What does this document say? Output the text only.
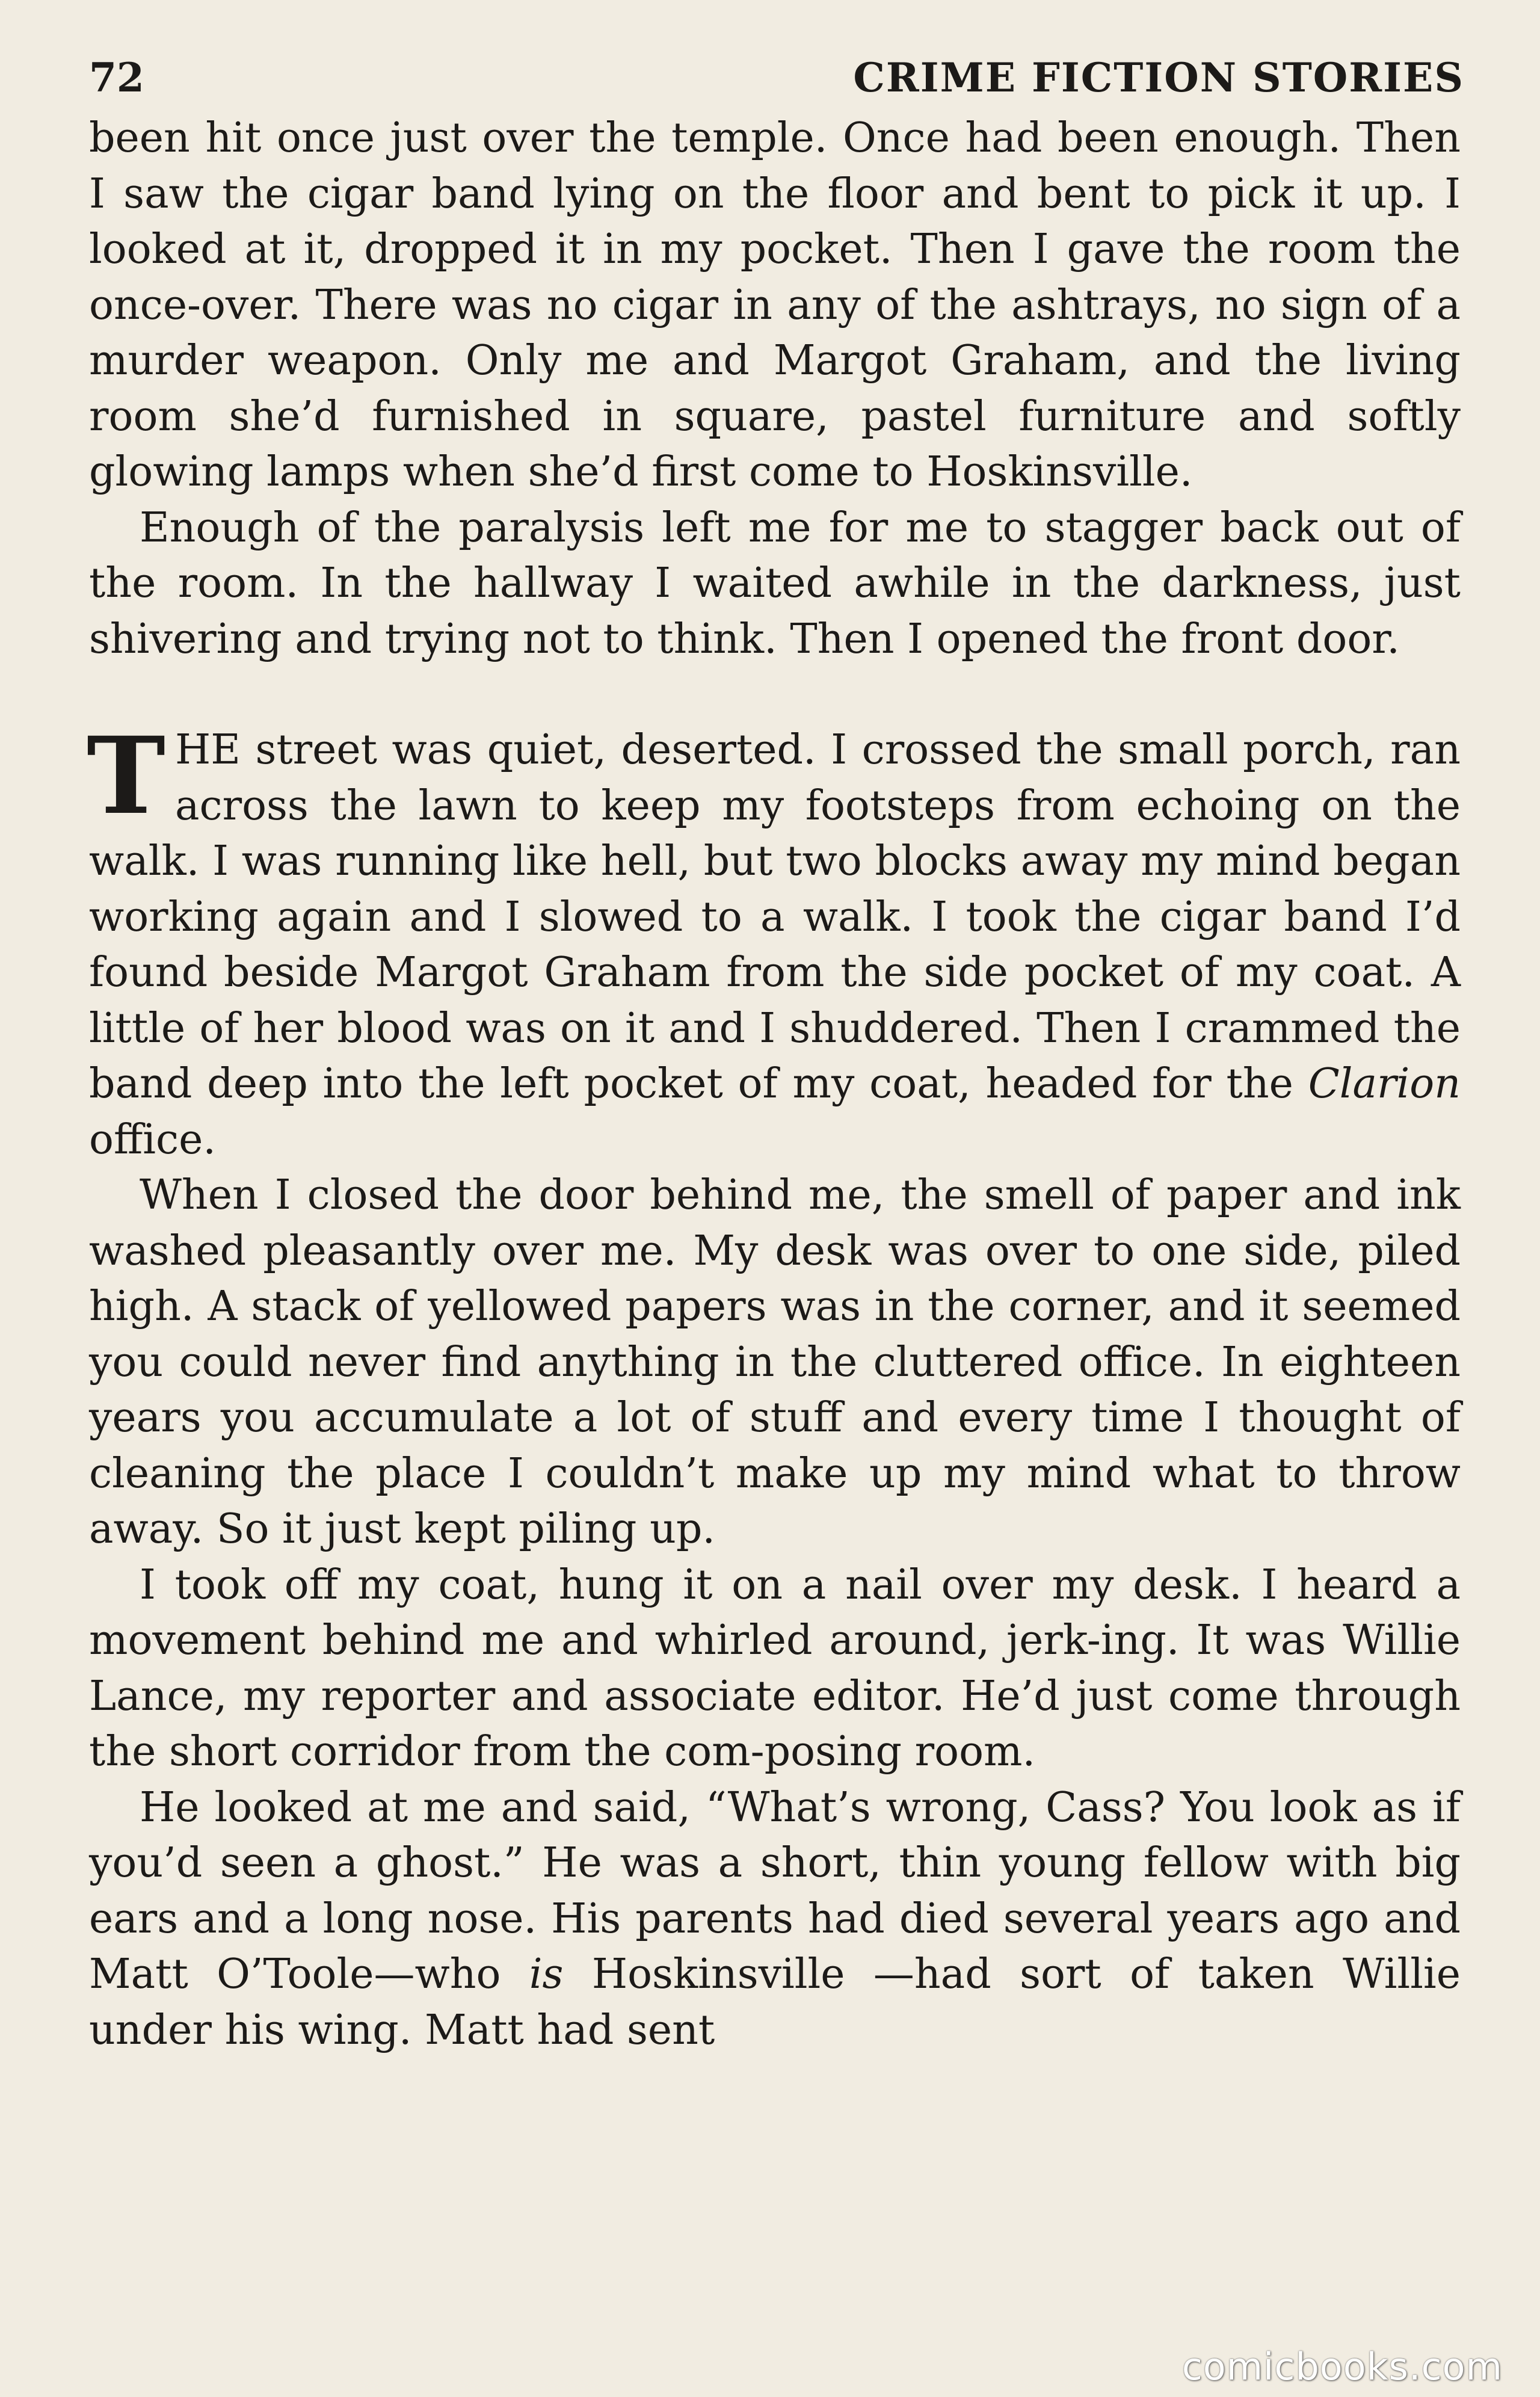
72	CRIME FICTION STORIES

been hit once just over the temple. Once had been enough. Then I saw the cigar band lying on the floor and bent to pick it up. I looked at it, dropped it in my pocket. Then I gave the room the once-over. There was no cigar in any of the ashtrays, no sign of a murder weapon. Only me and Margot Graham, and the living room she’d furnished in square, pastel furniture and softly glowing lamps when she’d first come to Hoskinsville.

Enough of the paralysis left me for me to stagger back out of the room. In the hallway I waited awhile in the darkness, just shivering and trying not to think. Then I opened the front door.

THE street was quiet, deserted. I crossed the small porch, ran across the lawn to keep my footsteps from echoing on the walk. I was running like hell, but two blocks away my mind began working again and I slowed to a walk. I took the cigar band I’d found beside Margot Graham from the side pocket of my coat. A little of her blood was on it and I shuddered. Then I crammed the band deep into the left pocket of my coat, headed for the Clarion office.

When I closed the door behind me, the smell of paper and ink washed pleasantly over me. My desk was over to one side, piled high. A stack of yellowed papers was in the corner, and it seemed you could never find anything in the cluttered office. In eighteen years you accumulate a lot of stuff and every time I thought of cleaning the place I couldn’t make up my mind what to throw away. So it just kept piling up.

I took off my coat, hung it on a nail over my desk. I heard a movement behind me and whirled around, jerk-ing. It was Willie Lance, my reporter and associate editor. He’d just come through the short corridor from the com-posing room.

He looked at me and said, “What’s wrong, Cass? You look as if you’d seen a ghost.” He was a short, thin young fellow with big ears and a long nose. His parents had died several years ago and Matt O’Toole—who is Hoskinsville —had sort of taken Willie under his wing. Matt had sent

comicbooks.com
